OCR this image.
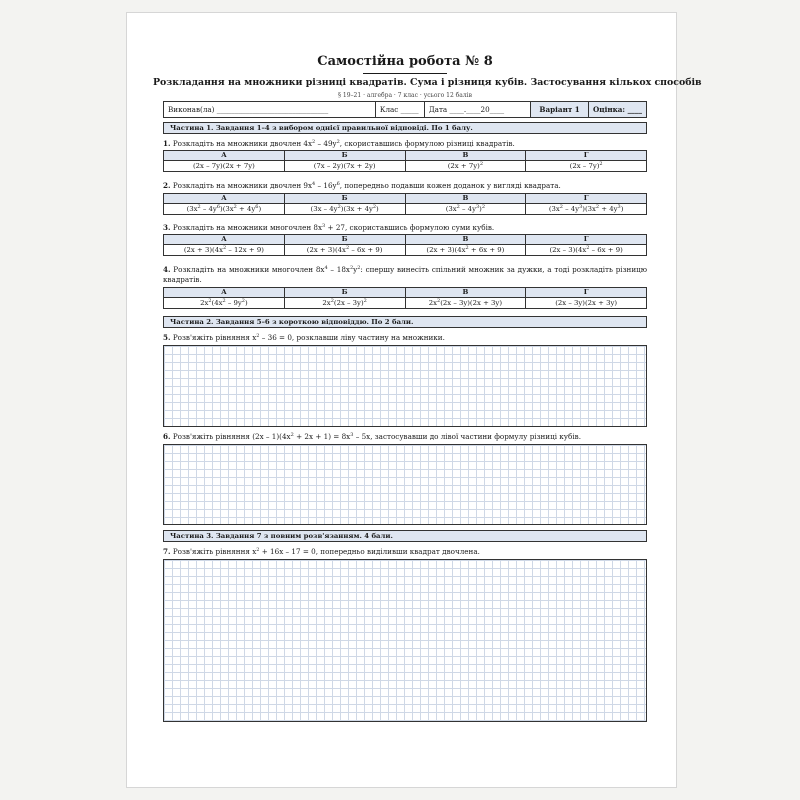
Самостійна робота № 8
Розкладання на множники різниці квадратів. Сума і різниця кубів. Застосування кількох способів
§ 19–21 · алгебра · 7 клас · усього 12 балів
Виконав(ла) _______________________________	Клас _____	Дата ____.____20____	Варіант 1	Оцінка: ____
Частина 1. Завдання 1–4 з вибором однієї правильної відповіді. По 1 балу.
1. Розкладіть на множники двочлен $4x^2 - 49y^2$, скориставшись формулою різниці квадратів.
А	Б	В	Г
(2x – 7y)(2x + 7y)	(7x – 2y)(7x + 2y)	$(2x + 7y)^2$	(2x – 7y)$^2$
2. Розкладіть на множники двочлен $9x^4 - 16y^6$, попередньо подавши кожен доданок у вигляді квадрата.
А	Б	В	Г
$(3x^2 - 4y^6)(3x^2 + 4y^6)$	$(3x - 4y^2)(3x + 4y^2)$	$(3x^2 - 4y^3)^2$	$(3x^2 - 4y^3)(3x^2 + 4y^3)$
3. Розкладіть на множники многочлен $8x^3 + 27$, скориставшись формулою суми кубів.
А	Б	В	Г
$(2x + 3)(4x^2 - 12x + 9)$	$(2x + 3)(4x^2 - 6x + 9)$	$(2x + 3)(4x^2 + 6x + 9)$	$(2x - 3)(4x^2 - 6x + 9)$
4. Розкладіть на множники многочлен $8x^4 - 18x^2y^2$: спершу винесіть спільний множник за дужки, а тоді розкладіть різницю квадратів.
А	Б	В	Г
$2x^2(4x^2 - 9y^2)$	$2x^2(2x - 3y)^2$	$2x^2(2x - 3y)(2x + 3y)$	(2x – 3y)(2x + 3y)
Частина 2. Завдання 5–6 з короткою відповіддю. По 2 бали.
5. Розв'яжіть рівняння $x^2 - 36 = 0$, розклавши ліву частину на множники.
6. Розв'яжіть рівняння $(2x - 1)(4x^2 + 2x + 1) = 8x^3 - 5x$, застосувавши до лівої частини формулу різниці кубів.
Частина 3. Завдання 7 з повним розв'язанням. 4 бали.
7. Розв'яжіть рівняння $x^2 + 16x - 17 = 0$, попередньо виділивши квадрат двочлена.
